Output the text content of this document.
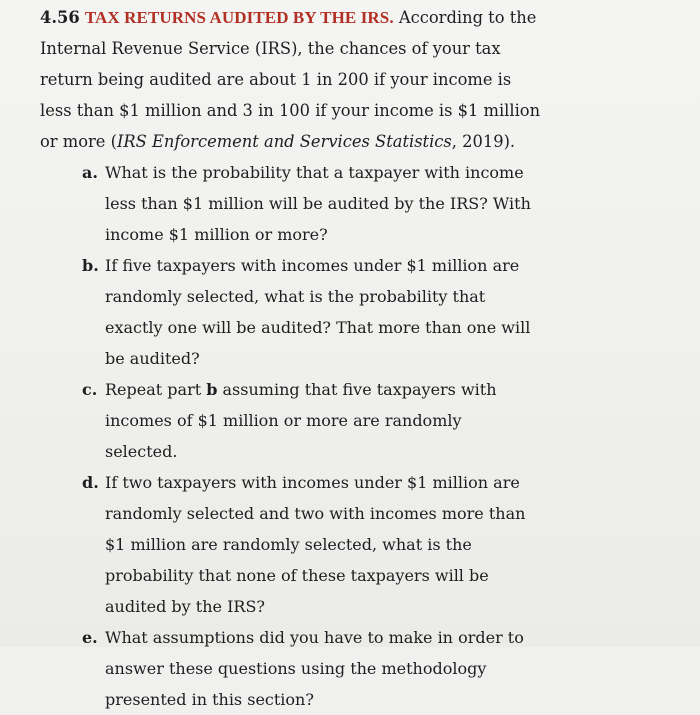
4.56 TAX RETURNS AUDITED BY THE IRS. According to the Internal Revenue Service (IRS), the chances of your tax return being audited are about 1 in 200 if your income is less than $1 million and 3 in 100 if your income is $1 million or more (IRS Enforcement and Services Statistics, 2019).

a. What is the probability that a taxpayer with income less than $1 million will be audited by the IRS? With income $1 million or more?
b. If five taxpayers with incomes under $1 million are randomly selected, what is the probability that exactly one will be audited? That more than one will be audited?
c. Repeat part b assuming that five taxpayers with incomes of $1 million or more are randomly selected.
d. If two taxpayers with incomes under $1 million are randomly selected and two with incomes more than $1 million are randomly selected, what is the probability that none of these taxpayers will be audited by the IRS?
e. What assumptions did you have to make in order to answer these questions using the methodology presented in this section?
